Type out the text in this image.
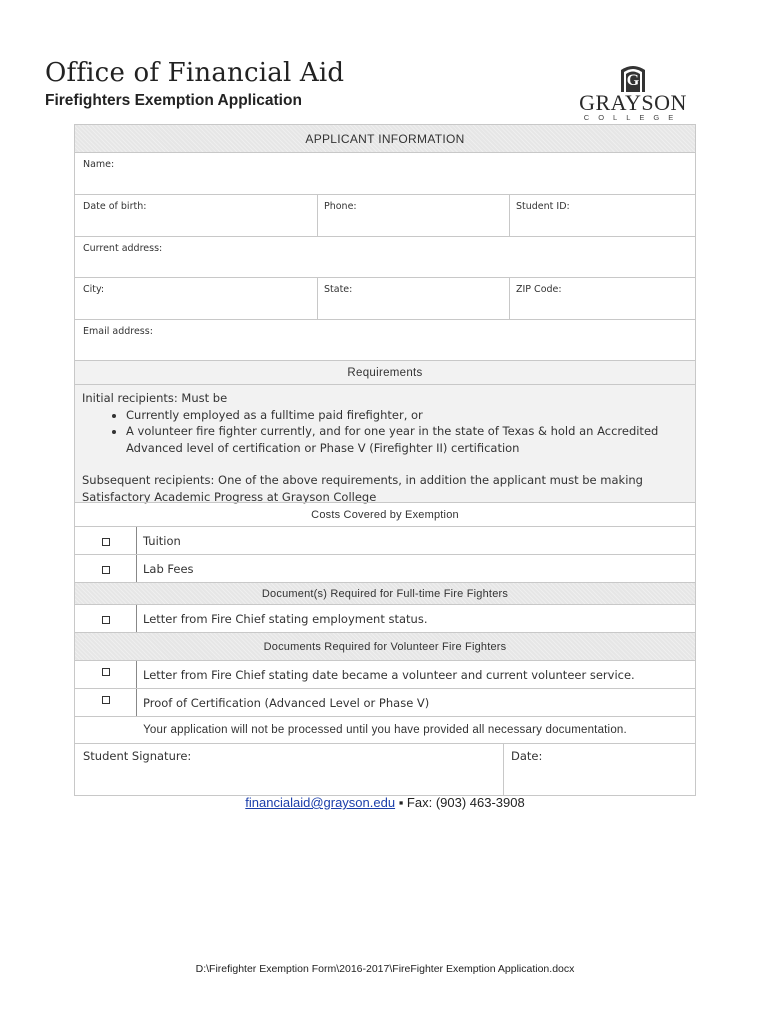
Office of Financial Aid
Firefighters Exemption Application
G
GRAYSON
COLLEGE
APPLICANT INFORMATION
Name:
Date of birth:	Phone:	Student ID:
Current address:
City:	State:	ZIP Code:
Email address:
Requirements

Initial recipients: Must be

• Currently employed as a fulltime paid firefighter, or
• A volunteer fire fighter currently, and for one year in the state of Texas & hold an Accredited Advanced level of certification or Phase V (Firefighter II) certification

Subsequent recipients: One of the above requirements, in addition the applicant must be making Satisfactory Academic Progress at Grayson College

Costs Covered by Exemption
Tuition
Lab Fees
Document(s) Required for Full-time Fire Fighters
Letter from Fire Chief stating employment status.
Documents Required for Volunteer Fire Fighters
Letter from Fire Chief stating date became a volunteer and current volunteer service.
Proof of Certification (Advanced Level or Phase V)
Your application will not be processed until you have provided all necessary documentation.
Student Signature:	Date:
financialaid@grayson.edu ▪ Fax: (903) 463-3908
D:\Firefighter Exemption Form\2016-2017\FireFighter Exemption Application.docx
